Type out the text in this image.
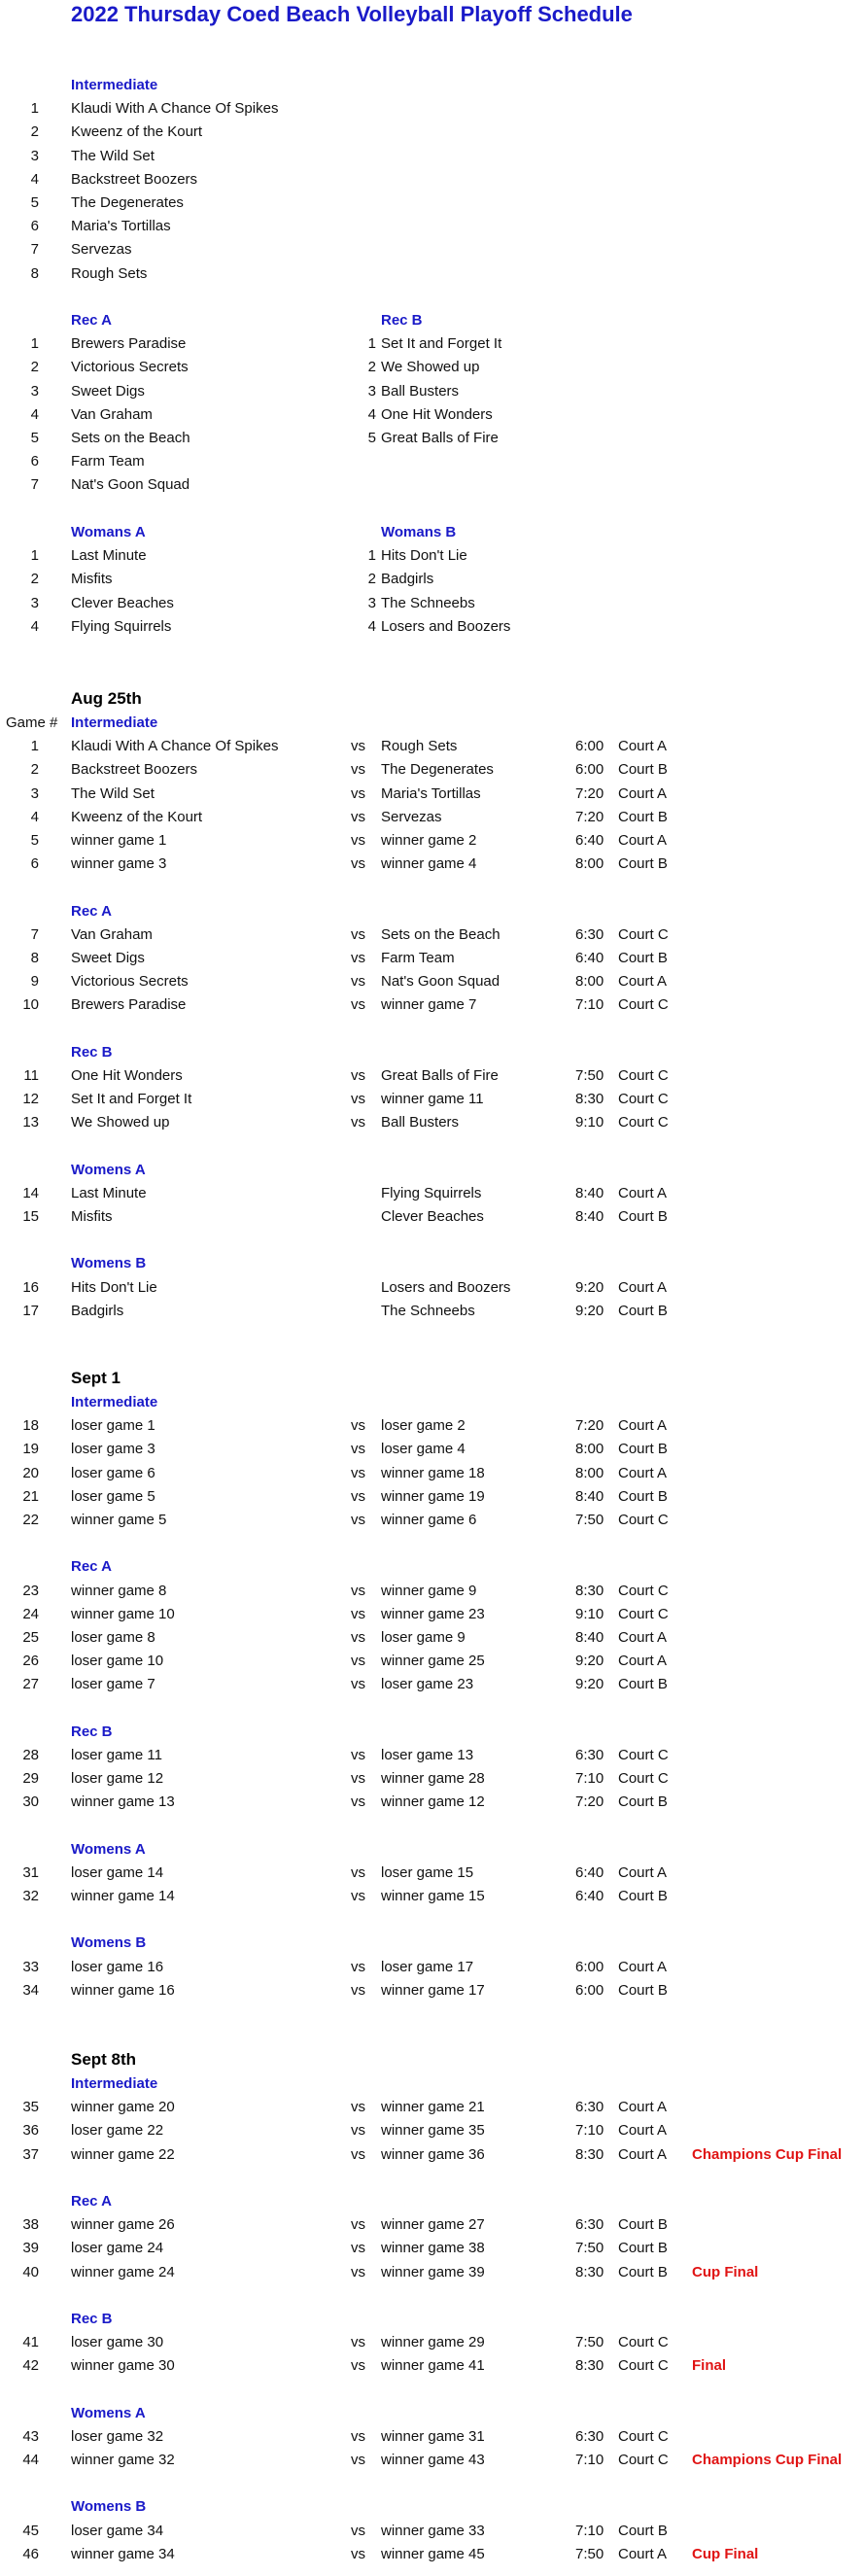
2022 Thursday Coed Beach Volleyball Playoff Schedule
Intermediate
1 Klaudi With A Chance Of Spikes
2 Kweenz of the Kourt
3 The Wild Set
4 Backstreet Boozers
5 The Degenerates
6 Maria's Tortillas
7 Servezas
8 Rough Sets
Rec A	Rec B
1 Brewers Paradise	1 Set It and Forget It
2 Victorious Secrets	2 We Showed up
3 Sweet Digs	3 Ball Busters
4 Van Graham	4 One Hit Wonders
5 Sets on the Beach	5 Great Balls of Fire
6 Farm Team
7 Nat's Goon Squad
Womans A	Womans B
1 Last Minute	1 Hits Don't Lie
2 Misfits	2 Badgirls
3 Clever Beaches	3 The Schneebs
4 Flying Squirrels	4 Losers and Boozers
Aug 25th
Game # Intermediate
1 Klaudi With A Chance Of Spikes	vs Rough Sets	6:00 Court A
2 Backstreet Boozers	vs The Degenerates	6:00 Court B
3 The Wild Set	vs Maria's Tortillas	7:20 Court A
4 Kweenz of the Kourt	vs Servezas	7:20 Court B
5 winner game 1	vs winner game 2	6:40 Court A
6 winner game 3	vs winner game 4	8:00 Court B
Rec A
7 Van Graham	vs Sets on the Beach	6:30 Court C
8 Sweet Digs	vs Farm Team	6:40 Court B
9 Victorious Secrets	vs Nat's Goon Squad	8:00 Court A
10 Brewers Paradise	vs winner game 7	7:10 Court C
Rec B
11 One Hit Wonders	vs Great Balls of Fire	7:50 Court C
12 Set It and Forget It	vs winner game 11	8:30 Court C
13 We Showed up	vs Ball Busters	9:10 Court C
Womens A
14 Last Minute	Flying Squirrels	8:40 Court A
15 Misfits	Clever Beaches	8:40 Court B
Womens B
16 Hits Don't Lie	Losers and Boozers	9:20 Court A
17 Badgirls	The Schneebs	9:20 Court B
Sept 1
Intermediate
18 loser game 1	vs loser game 2	7:20 Court A
19 loser game 3	vs loser game 4	8:00 Court B
20 loser game 6	vs winner game 18	8:00 Court A
21 loser game 5	vs winner game 19	8:40 Court B
22 winner game 5	vs winner game 6	7:50 Court C
Rec A
23 winner game 8	vs winner game 9	8:30 Court C
24 winner game 10	vs winner game 23	9:10 Court C
25 loser game 8	vs loser game 9	8:40 Court A
26 loser game 10	vs winner game 25	9:20 Court A
27 loser game 7	vs loser game 23	9:20 Court B
Rec B
28 loser game 11	vs loser game 13	6:30 Court C
29 loser game 12	vs winner game 28	7:10 Court C
30 winner game 13	vs winner game 12	7:20 Court B
Womens A
31 loser game 14	vs loser game 15	6:40 Court A
32 winner game 14	vs winner game 15	6:40 Court B
Womens B
33 loser game 16	vs loser game 17	6:00 Court A
34 winner game 16	vs winner game 17	6:00 Court B
Sept 8th
Intermediate
35 winner game 20	vs winner game 21	6:30 Court A
36 loser game 22	vs winner game 35	7:10 Court A
37 winner game 22	vs winner game 36	8:30 Court A Champions Cup Final
Rec A
38 winner game 26	vs winner game 27	6:30 Court B
39 loser game 24	vs winner game 38	7:50 Court B
40 winner game 24	vs winner game 39	8:30 Court B Cup Final
Rec B
41 loser game 30	vs winner game 29	7:50 Court C
42 winner game 30	vs winner game 41	8:30 Court C Final
Womens A
43 loser game 32	vs winner game 31	6:30 Court C
44 winner game 32	vs winner game 43	7:10 Court C Champions Cup Final
Womens B
45 loser game 34	vs winner game 33	7:10 Court B
46 winner game 34	vs winner game 45	7:50 Court A Cup Final
